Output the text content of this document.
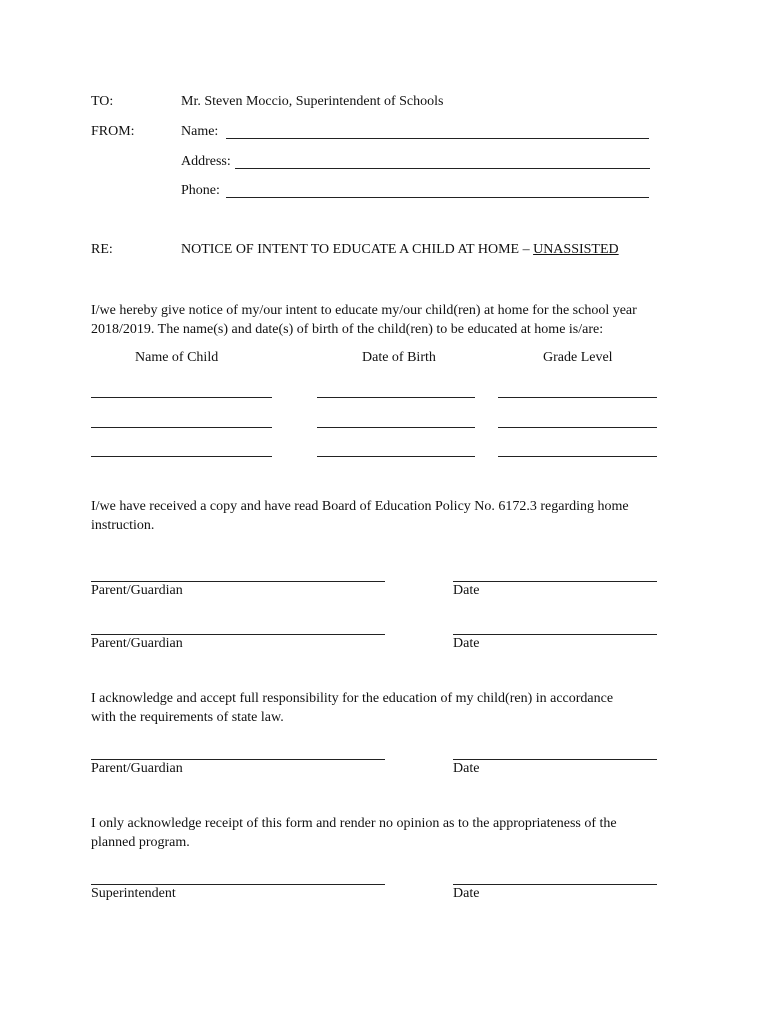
TO:	Mr. Steven Moccio, Superintendent of Schools
FROM:	Name:
Address:
Phone:
RE:	NOTICE OF INTENT TO EDUCATE A CHILD AT HOME – UNASSISTED
I/we hereby give notice of my/our intent to educate my/our child(ren) at home for the school year
2018/2019. The name(s) and date(s) of birth of the child(ren) to be educated at home is/are:
Name of Child	Date of Birth	Grade Level
I/we have received a copy and have read Board of Education Policy No. 6172.3 regarding home
instruction.
Parent/Guardian	Date
Parent/Guardian	Date
I acknowledge and accept full responsibility for the education of my child(ren) in accordance
with the requirements of state law.
Parent/Guardian	Date
I only acknowledge receipt of this form and render no opinion as to the appropriateness of the
planned program.
Superintendent	Date
